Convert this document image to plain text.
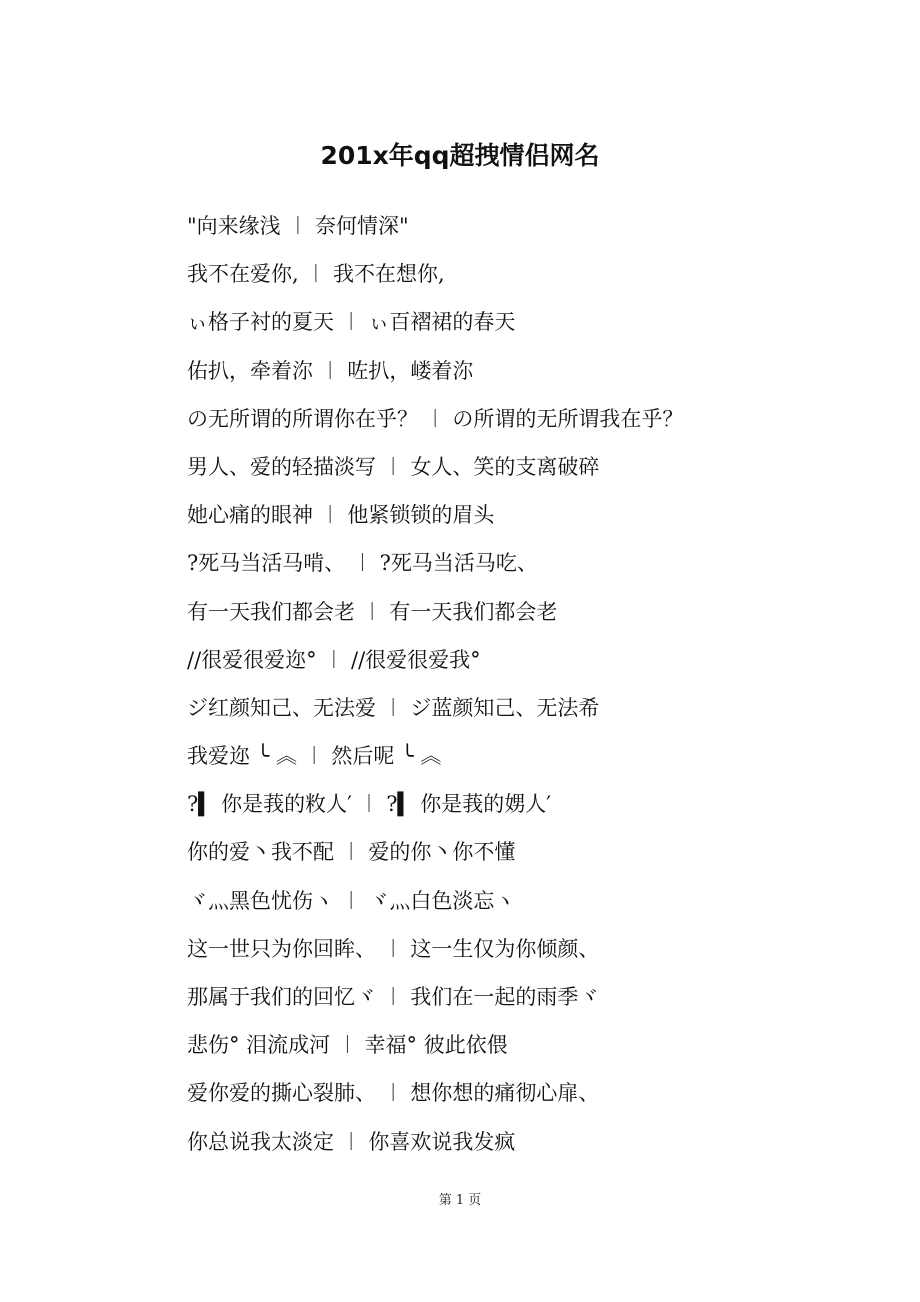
201x年qq超拽情侣网名
"向来缘浅 ︱ 奈何情深"
我不在爱你, ︱ 我不在想你,
ぃ格子衬的夏天 ︱ ぃ百褶裙的春天
佑扒，牵着沵 ︱ 咗扒，嵝着沵
の无所谓的所谓你在乎？ ︱ の所谓的无所谓我在乎？
男人、爱的轻描淡写 ︱ 女人、笑的支离破碎
她心痛的眼神 ︱ 他紧锁锁的眉头
?死马当活马啃、 ︱ ?死马当活马吃、
有一天我们都会老 ︱ 有一天我们都会老
//很爱很爱迩° ︱ //很爱很爱我°
ジ红颜知己、无法爱 ︱ ジ蓝颜知己、无法希
我爱迩 ╰ ︽ ︱ 然后呢 ╰ ︽
?▍ 你是莪的敉人′ ︱ ?▍ 你是莪的娚人′
你的爱丶我不配 ︱ 爱的你丶你不懂
ヾ灬黑色忧伤ヽ ︱ ヾ灬白色淡忘ヽ
这一世只为你回眸、 ︱ 这一生仅为你倾颜、
那属于我们的回忆ヾ ︱ 我们在一起的雨季ヾ
悲伤° 泪流成河 ︱ 幸福° 彼此依偎
爱你爱的撕心裂肺、 ︱ 想你想的痛彻心扉、
你总说我太淡定 ︱ 你喜欢说我发疯
第 1 页
